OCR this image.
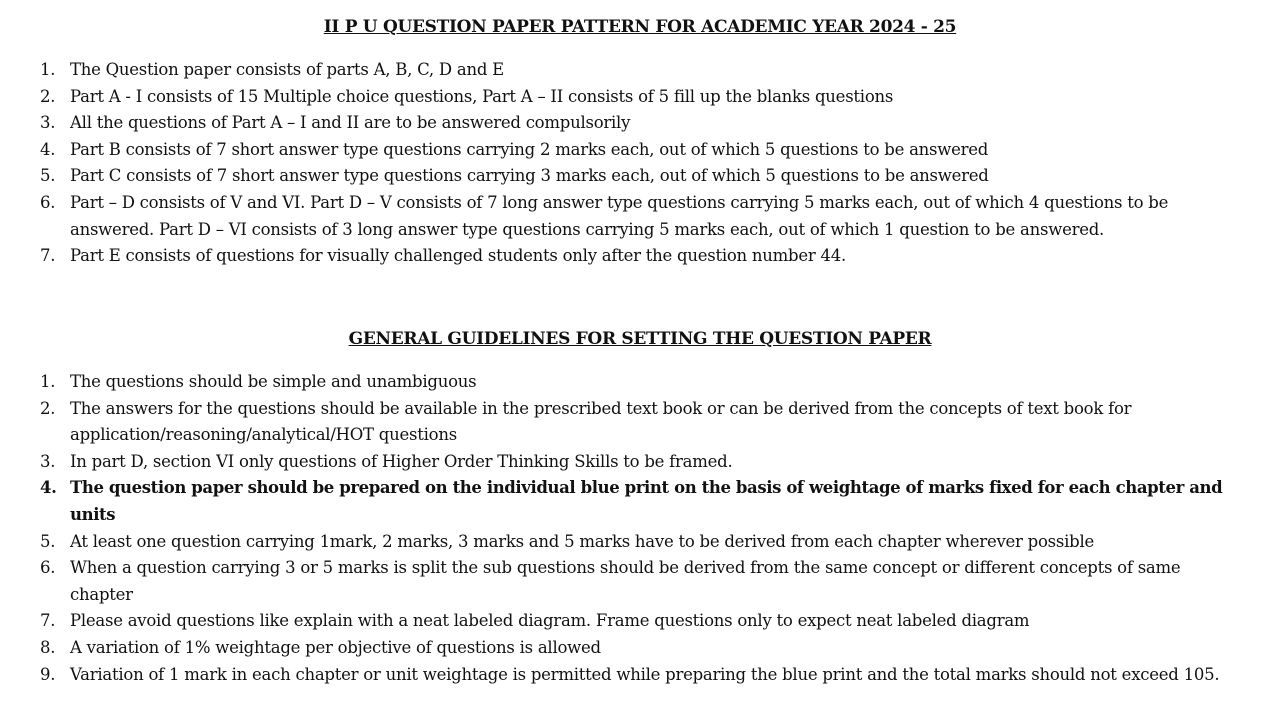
II P U QUESTION PAPER PATTERN FOR ACADEMIC YEAR 2024 - 25
1. The Question paper consists of parts A, B, C, D and E
2. Part A - I consists of 15 Multiple choice questions, Part A – II consists of 5 fill up the blanks questions
3. All the questions of Part A – I and II are to be answered compulsorily
4. Part B consists of 7 short answer type questions carrying 2 marks each, out of which 5 questions to be answered
5. Part C consists of 7 short answer type questions carrying 3 marks each, out of which 5 questions to be answered
6. Part – D consists of V and VI. Part D – V consists of 7 long answer type questions carrying 5 marks each, out of which 4 questions to be answered. Part D – VI consists of 3 long answer type questions carrying 5 marks each, out of which 1 question to be answered.
7. Part E consists of questions for visually challenged students only after the question number 44.
GENERAL GUIDELINES FOR SETTING THE QUESTION PAPER
1. The questions should be simple and unambiguous
2. The answers for the questions should be available in the prescribed text book or can be derived from the concepts of text book for application/reasoning/analytical/HOT questions
3. In part D, section VI only questions of Higher Order Thinking Skills to be framed.
4. The question paper should be prepared on the individual blue print on the basis of weightage of marks fixed for each chapter and units
5. At least one question carrying 1mark, 2 marks, 3 marks and 5 marks have to be derived from each chapter wherever possible
6. When a question carrying 3 or 5 marks is split the sub questions should be derived from the same concept or different concepts of same chapter
7. Please avoid questions like explain with a neat labeled diagram. Frame questions only to expect neat labeled diagram
8. A variation of 1% weightage per objective of questions is allowed
9. Variation of 1 mark in each chapter or unit weightage is permitted while preparing the blue print and the total marks should not exceed 105.
